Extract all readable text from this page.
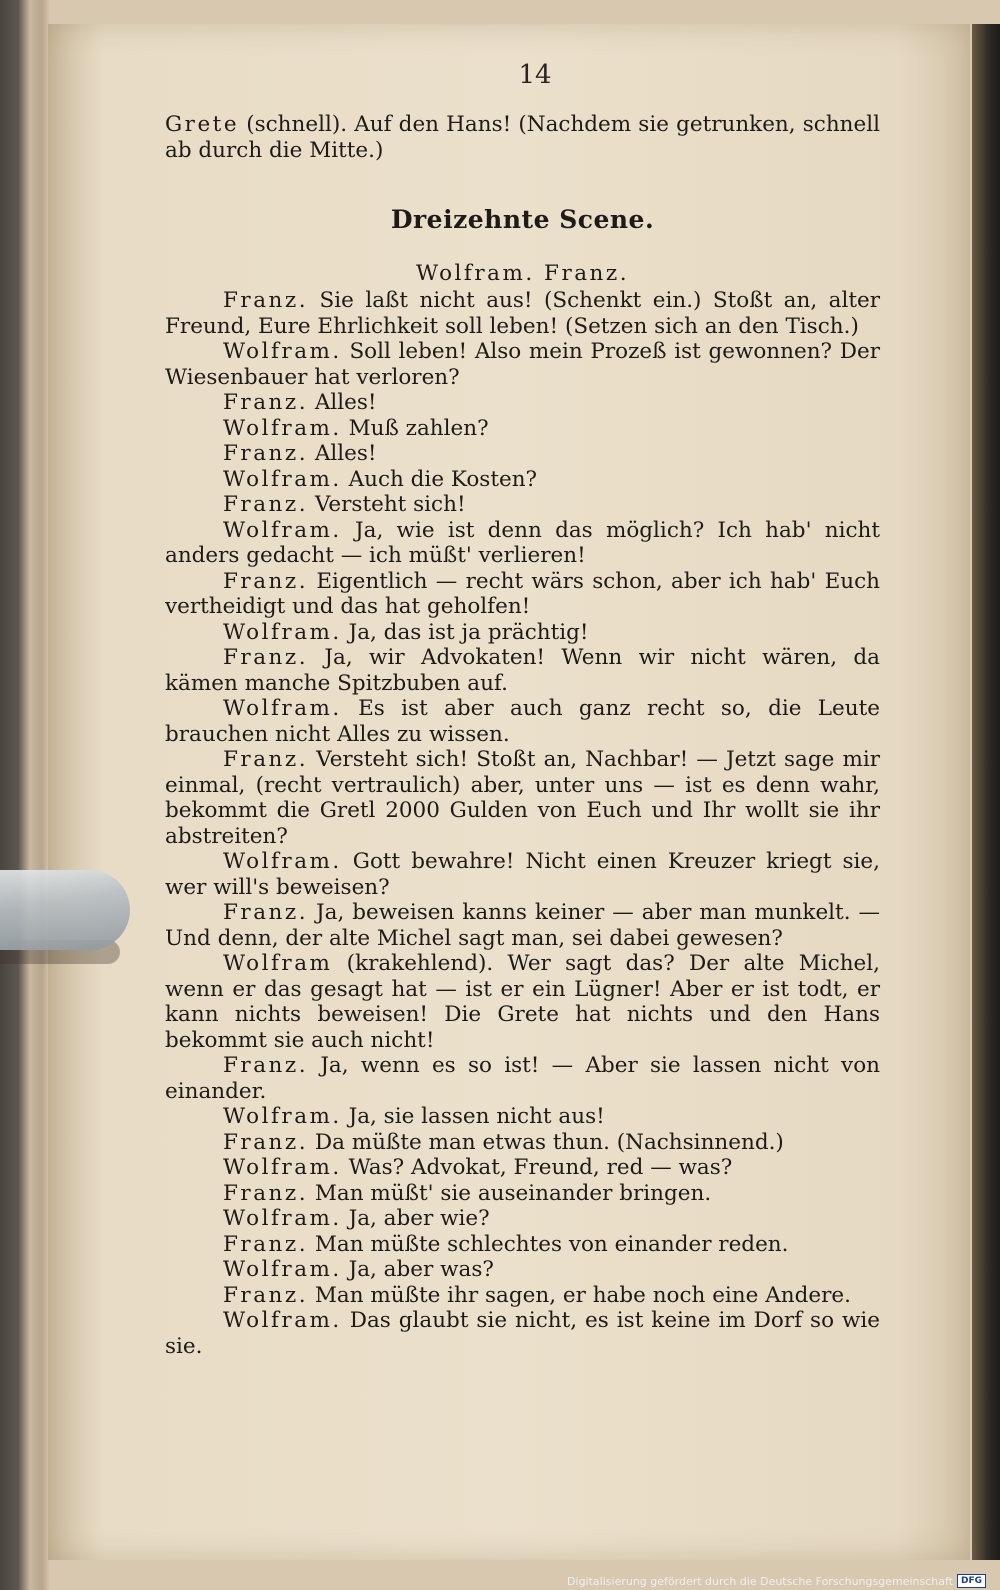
14

Grete (schnell). Auf den Hans! (Nachdem sie getrunken, schnell ab durch die Mitte.)

Dreizehnte Scene.
Wolfram. Franz.

Franz. Sie laßt nicht aus! (Schenkt ein.) Stoßt an, alter Freund, Eure Ehrlichkeit soll leben! (Setzen sich an den Tisch.)

Wolfram. Soll leben! Also mein Prozeß ist gewonnen? Der Wiesenbauer hat verloren?

Franz. Alles!

Wolfram. Muß zahlen?

Franz. Alles!

Wolfram. Auch die Kosten?

Franz. Versteht sich!

Wolfram. Ja, wie ist denn das möglich? Ich hab' nicht anders gedacht — ich müßt' verlieren!

Franz. Eigentlich — recht wärs schon, aber ich hab' Euch vertheidigt und das hat geholfen!

Wolfram. Ja, das ist ja prächtig!

Franz. Ja, wir Advokaten! Wenn wir nicht wären, da kämen manche Spitzbuben auf.

Wolfram. Es ist aber auch ganz recht so, die Leute brauchen nicht Alles zu wissen.

Franz. Versteht sich! Stoßt an, Nachbar! — Jetzt sage mir einmal, (recht vertraulich) aber, unter uns — ist es denn wahr, bekommt die Gretl 2000 Gulden von Euch und Ihr wollt sie ihr abstreiten?

Wolfram. Gott bewahre! Nicht einen Kreuzer kriegt sie, wer will's beweisen?

Franz. Ja, beweisen kanns keiner — aber man munkelt. — Und denn, der alte Michel sagt man, sei dabei gewesen?

Wolfram (krakehlend). Wer sagt das? Der alte Michel, wenn er das gesagt hat — ist er ein Lügner! Aber er ist todt, er kann nichts beweisen! Die Grete hat nichts und den Hans bekommt sie auch nicht!

Franz. Ja, wenn es so ist! — Aber sie lassen nicht von einander.

Wolfram. Ja, sie lassen nicht aus!

Franz. Da müßte man etwas thun. (Nachsinnend.)

Wolfram. Was? Advokat, Freund, red — was?

Franz. Man müßt' sie auseinander bringen.

Wolfram. Ja, aber wie?

Franz. Man müßte schlechtes von einander reden.

Wolfram. Ja, aber was?

Franz. Man müßte ihr sagen, er habe noch eine Andere.

Wolfram. Das glaubt sie nicht, es ist keine im Dorf so wie sie.

Digitalisierung gefördert durch die Deutsche Forschungsgemeinschaft DFG
